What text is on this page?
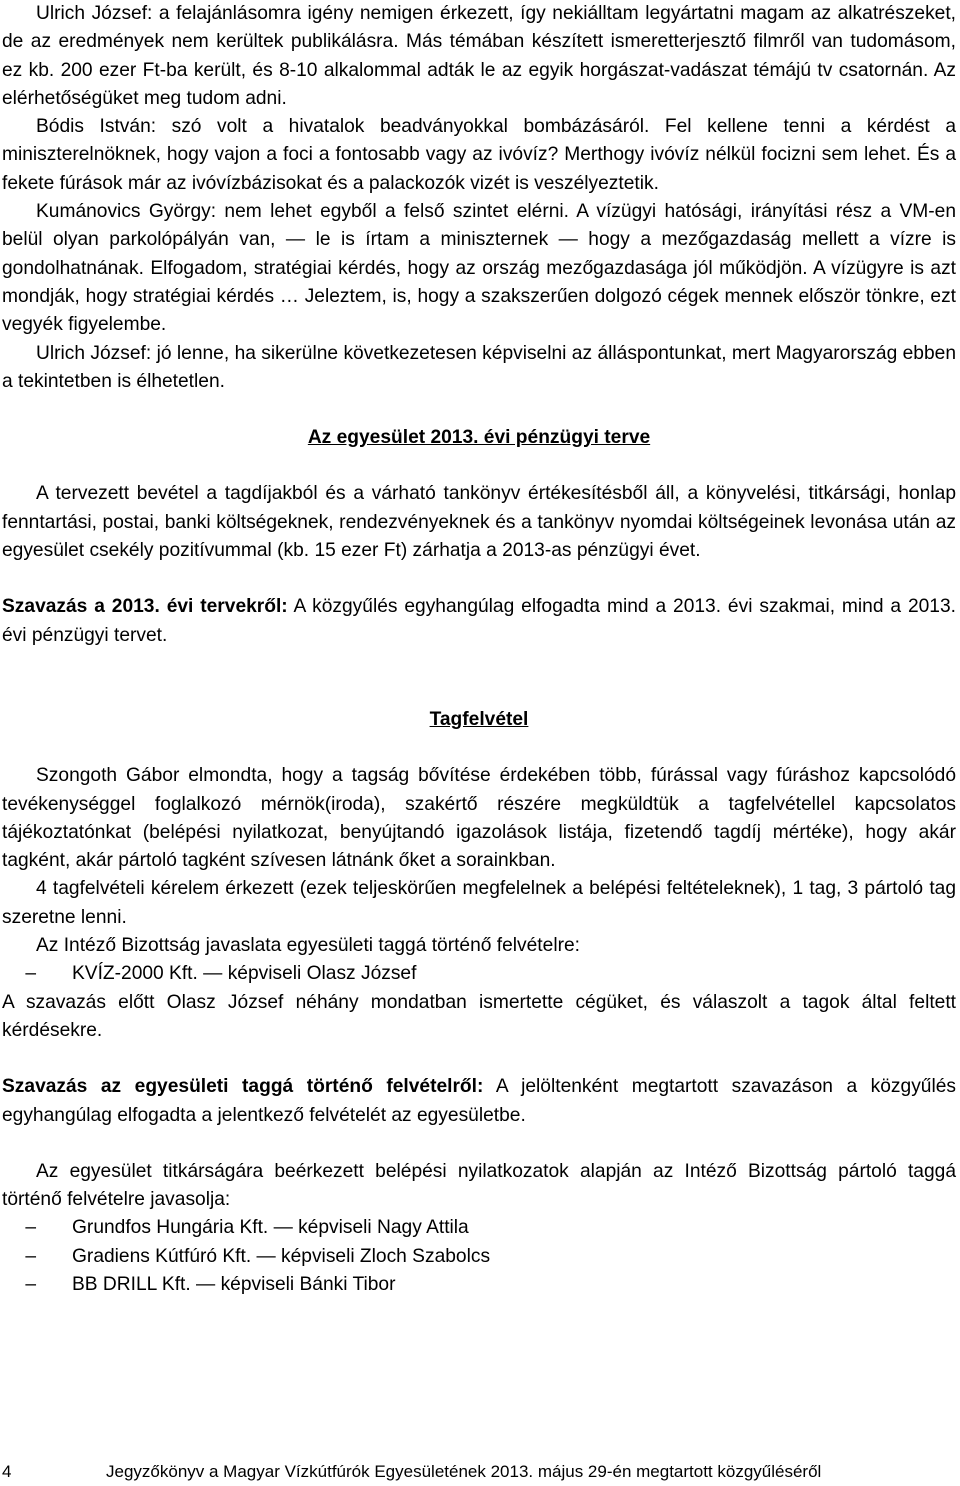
Ulrich József: a felajánlásomra igény nemigen érkezett, így nekiálltam legyártatni magam az alkatrészeket, de az eredmények nem kerültek publikálásra. Más témában készített ismeretterjesztő filmről van tudomásom, ez kb. 200 ezer Ft-ba került, és 8-10 alkalommal adták le az egyik horgászat-vadászat témájú tv csatornán. Az elérhetőségüket meg tudom adni.

Bódis István: szó volt a hivatalok beadványokkal bombázásáról. Fel kellene tenni a kérdést a miniszterelnöknek, hogy vajon a foci a fontosabb vagy az ivóvíz? Merthogy ivóvíz nélkül focizni sem lehet. És a fekete fúrások már az ivóvízbázisokat és a palackozók vizét is veszélyeztetik.

Kumánovics György: nem lehet egyből a felső szintet elérni. A vízügyi hatósági, irányítási rész a VM-en belül olyan parkolópályán van, ― le is írtam a miniszternek ― hogy a mezőgazdaság mellett a vízre is gondolhatnának. Elfogadom, stratégiai kérdés, hogy az ország mezőgazdasága jól működjön. A vízügyre is azt mondják, hogy stratégiai kérdés … Jeleztem, is, hogy a szakszerűen dolgozó cégek mennek először tönkre, ezt vegyék figyelembe.

Ulrich József: jó lenne, ha sikerülne következetesen képviselni az álláspontunkat, mert Magyarország ebben a tekintetben is élhetetlen.

Az egyesület 2013. évi pénzügyi terve

A tervezett bevétel a tagdíjakból és a várható tankönyv értékesítésből áll, a könyvelési, titkársági, honlap fenntartási, postai, banki költségeknek, rendezvényeknek és a tankönyv nyomdai költségeinek levonása után az egyesület csekély pozitívummal (kb. 15 ezer Ft) zárhatja a 2013-as pénzügyi évet.

Szavazás a 2013. évi tervekről: A közgyűlés egyhangúlag elfogadta mind a 2013. évi szakmai, mind a 2013. évi pénzügyi tervet.

Tagfelvétel

Szongoth Gábor elmondta, hogy a tagság bővítése érdekében több, fúrással vagy fúráshoz kapcsolódó tevékenységgel foglalkozó mérnök(iroda), szakértő részére megküldtük a tagfelvétellel kapcsolatos tájékoztatónkat (belépési nyilatkozat, benyújtandó igazolások listája, fizetendő tagdíj mértéke), hogy akár tagként, akár pártoló tagként szívesen látnánk őket a sorainkban.

4 tagfelvételi kérelem érkezett (ezek teljeskörűen megfelelnek a belépési feltételeknek), 1 tag, 3 pártoló tag szeretne lenni.

Az Intéző Bizottság javaslata egyesületi taggá történő felvételre:

– KVÍZ-2000 Kft. ― képviseli Olasz József

A szavazás előtt Olasz József néhány mondatban ismertette cégüket, és válaszolt a tagok által feltett kérdésekre.

Szavazás az egyesületi taggá történő felvételről: A jelöltenként megtartott szavazáson a közgyűlés egyhangúlag elfogadta a jelentkező felvételét az egyesületbe.

Az egyesület titkárságára beérkezett belépési nyilatkozatok alapján az Intéző Bizottság pártoló taggá történő felvételre javasolja:

– Grundfos Hungária Kft. ― képviseli Nagy Attila

– Gradiens Kútfúró Kft. ― képviseli Zloch Szabolcs

– BB DRILL Kft. ― képviseli Bánki Tibor

4	Jegyzőkönyv a Magyar Vízkútfúrók Egyesületének 2013. május 29-én megtartott közgyűléséről
